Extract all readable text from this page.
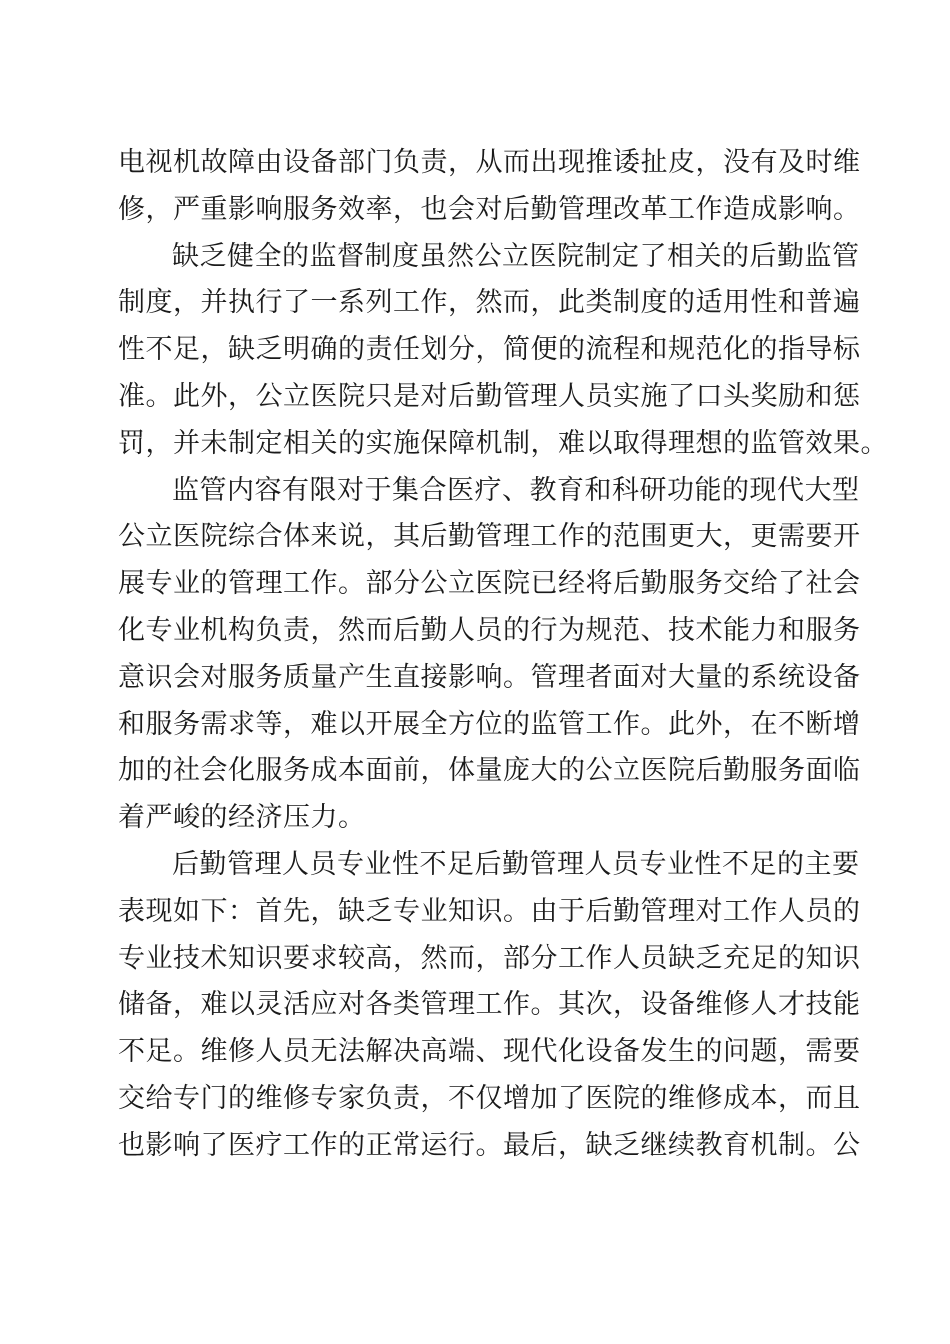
电视机故障由设备部门负责，从而出现推诿扯皮，没有及时维
修，严重影响服务效率，也会对后勤管理改革工作造成影响。
缺乏健全的监督制度虽然公立医院制定了相关的后勤监管
制度，并执行了一系列工作，然而，此类制度的适用性和普遍
性不足，缺乏明确的责任划分，简便的流程和规范化的指导标
准。此外，公立医院只是对后勤管理人员实施了口头奖励和惩
罚，并未制定相关的实施保障机制，难以取得理想的监管效果。
监管内容有限对于集合医疗、教育和科研功能的现代大型
公立医院综合体来说，其后勤管理工作的范围更大，更需要开
展专业的管理工作。部分公立医院已经将后勤服务交给了社会
化专业机构负责，然而后勤人员的行为规范、技术能力和服务
意识会对服务质量产生直接影响。管理者面对大量的系统设备
和服务需求等，难以开展全方位的监管工作。此外，在不断增
加的社会化服务成本面前，体量庞大的公立医院后勤服务面临
着严峻的经济压力。
后勤管理人员专业性不足后勤管理人员专业性不足的主要
表现如下：首先，缺乏专业知识。由于后勤管理对工作人员的
专业技术知识要求较高，然而，部分工作人员缺乏充足的知识
储备，难以灵活应对各类管理工作。其次，设备维修人才技能
不足。维修人员无法解决高端、现代化设备发生的问题，需要
交给专门的维修专家负责，不仅增加了医院的维修成本，而且
也影响了医疗工作的正常运行。最后，缺乏继续教育机制。公
